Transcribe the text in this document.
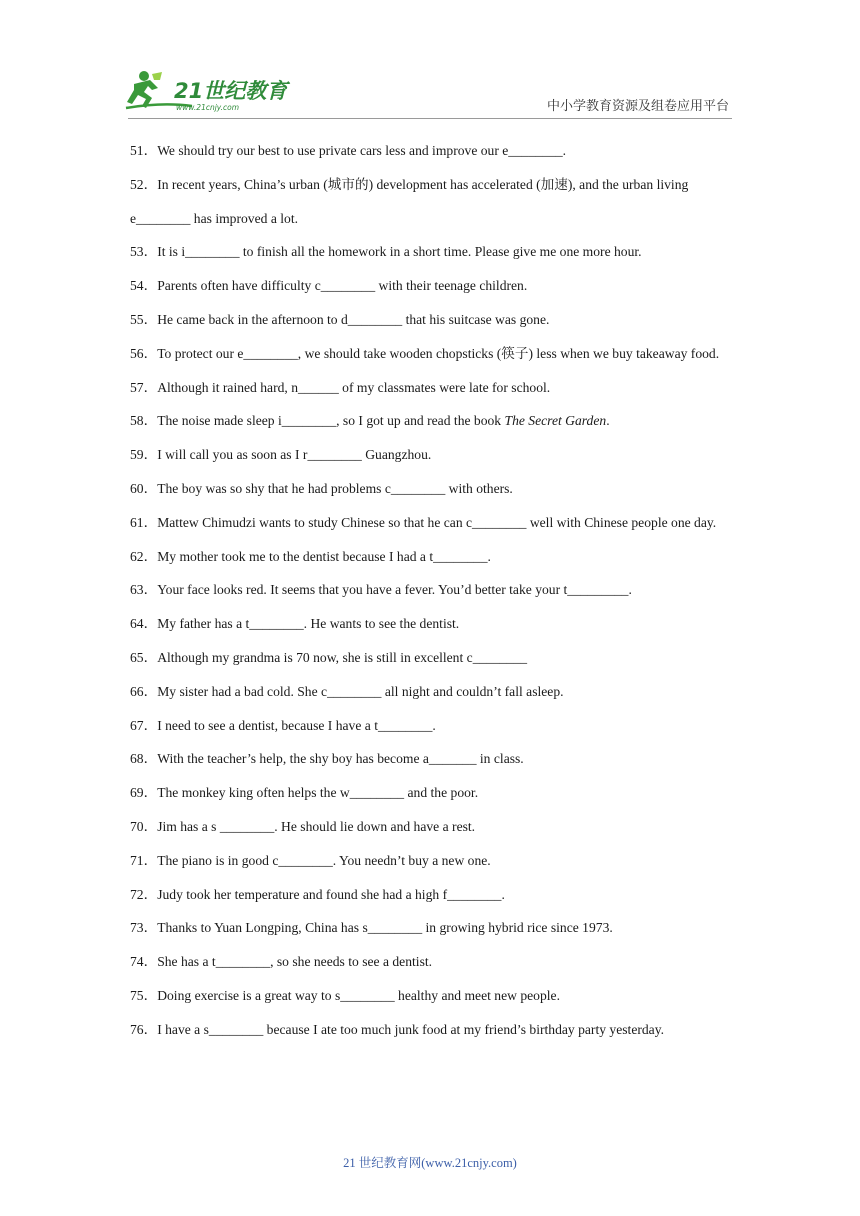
21世纪教育
www.21cnjy.com	中小学教育资源及组卷应用平台

51．We should try our best to use private cars less and improve our e________.

52．In recent years, China’s urban (城市的) development has accelerated (加速), and the urban living e________ has improved a lot.

53．It is i________ to finish all the homework in a short time. Please give me one more hour.

54．Parents often have difficulty c________ with their teenage children.

55．He came back in the afternoon to d________ that his suitcase was gone.

56．To protect our e________, we should take wooden chopsticks (筷子) less when we buy takeaway food.

57．Although it rained hard, n______ of my classmates were late for school.

58．The noise made sleep i________, so I got up and read the book The Secret Garden.

59．I will call you as soon as I r________ Guangzhou.

60．The boy was so shy that he had problems c________ with others.

61．Mattew Chimudzi wants to study Chinese so that he can c________ well with Chinese people one day.

62．My mother took me to the dentist because I had a t________.

63．Your face looks red. It seems that you have a fever. You’d better take your t_________.

64．My father has a t________. He wants to see the dentist.

65．Although my grandma is 70 now, she is still in excellent c________

66．My sister had a bad cold. She c________ all night and couldn’t fall asleep.

67．I need to see a dentist, because I have a t________.

68．With the teacher’s help, the shy boy has become a_______ in class.

69．The monkey king often helps the w________ and the poor.

70．Jim has a s ________. He should lie down and have a rest.

71．The piano is in good c________. You needn’t buy a new one.

72．Judy took her temperature and found she had a high f________.

73．Thanks to Yuan Longping, China has s________ in growing hybrid rice since 1973.

74．She has a t________, so she needs to see a dentist.

75．Doing exercise is a great way to s________ healthy and meet new people.

76．I have a s________ because I ate too much junk food at my friend’s birthday party yesterday.

21 世纪教育网(www.21cnjy.com)
